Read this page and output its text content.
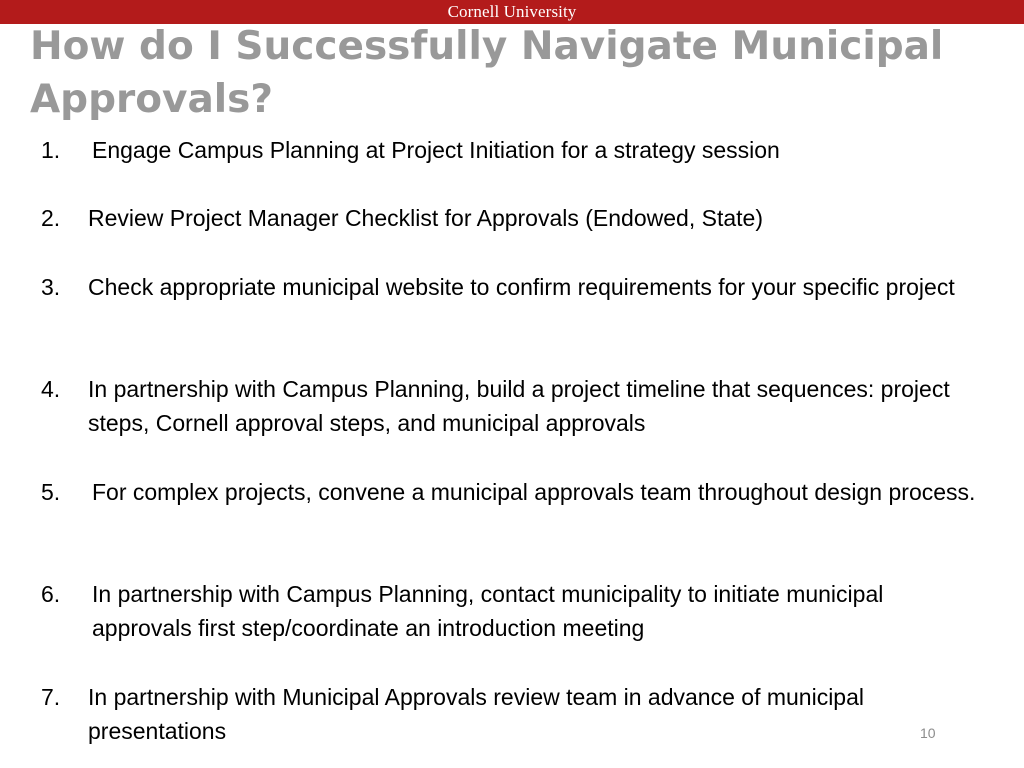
Cornell University
How do I Successfully Navigate Municipal Approvals?
1. Engage Campus Planning at Project Initiation for a strategy session

2. Review Project Manager Checklist for Approvals (Endowed, State)

3. Check appropriate municipal website to confirm requirements for your specific project

4. In partnership with Campus Planning, build a project timeline that sequences: project steps, Cornell approval steps, and municipal approvals

5. For complex projects, convene a municipal approvals team throughout design process.

6. In partnership with Campus Planning, contact municipality to initiate municipal approvals first step/coordinate an introduction meeting

7. In partnership with Municipal Approvals review team in advance of municipal presentations	10
